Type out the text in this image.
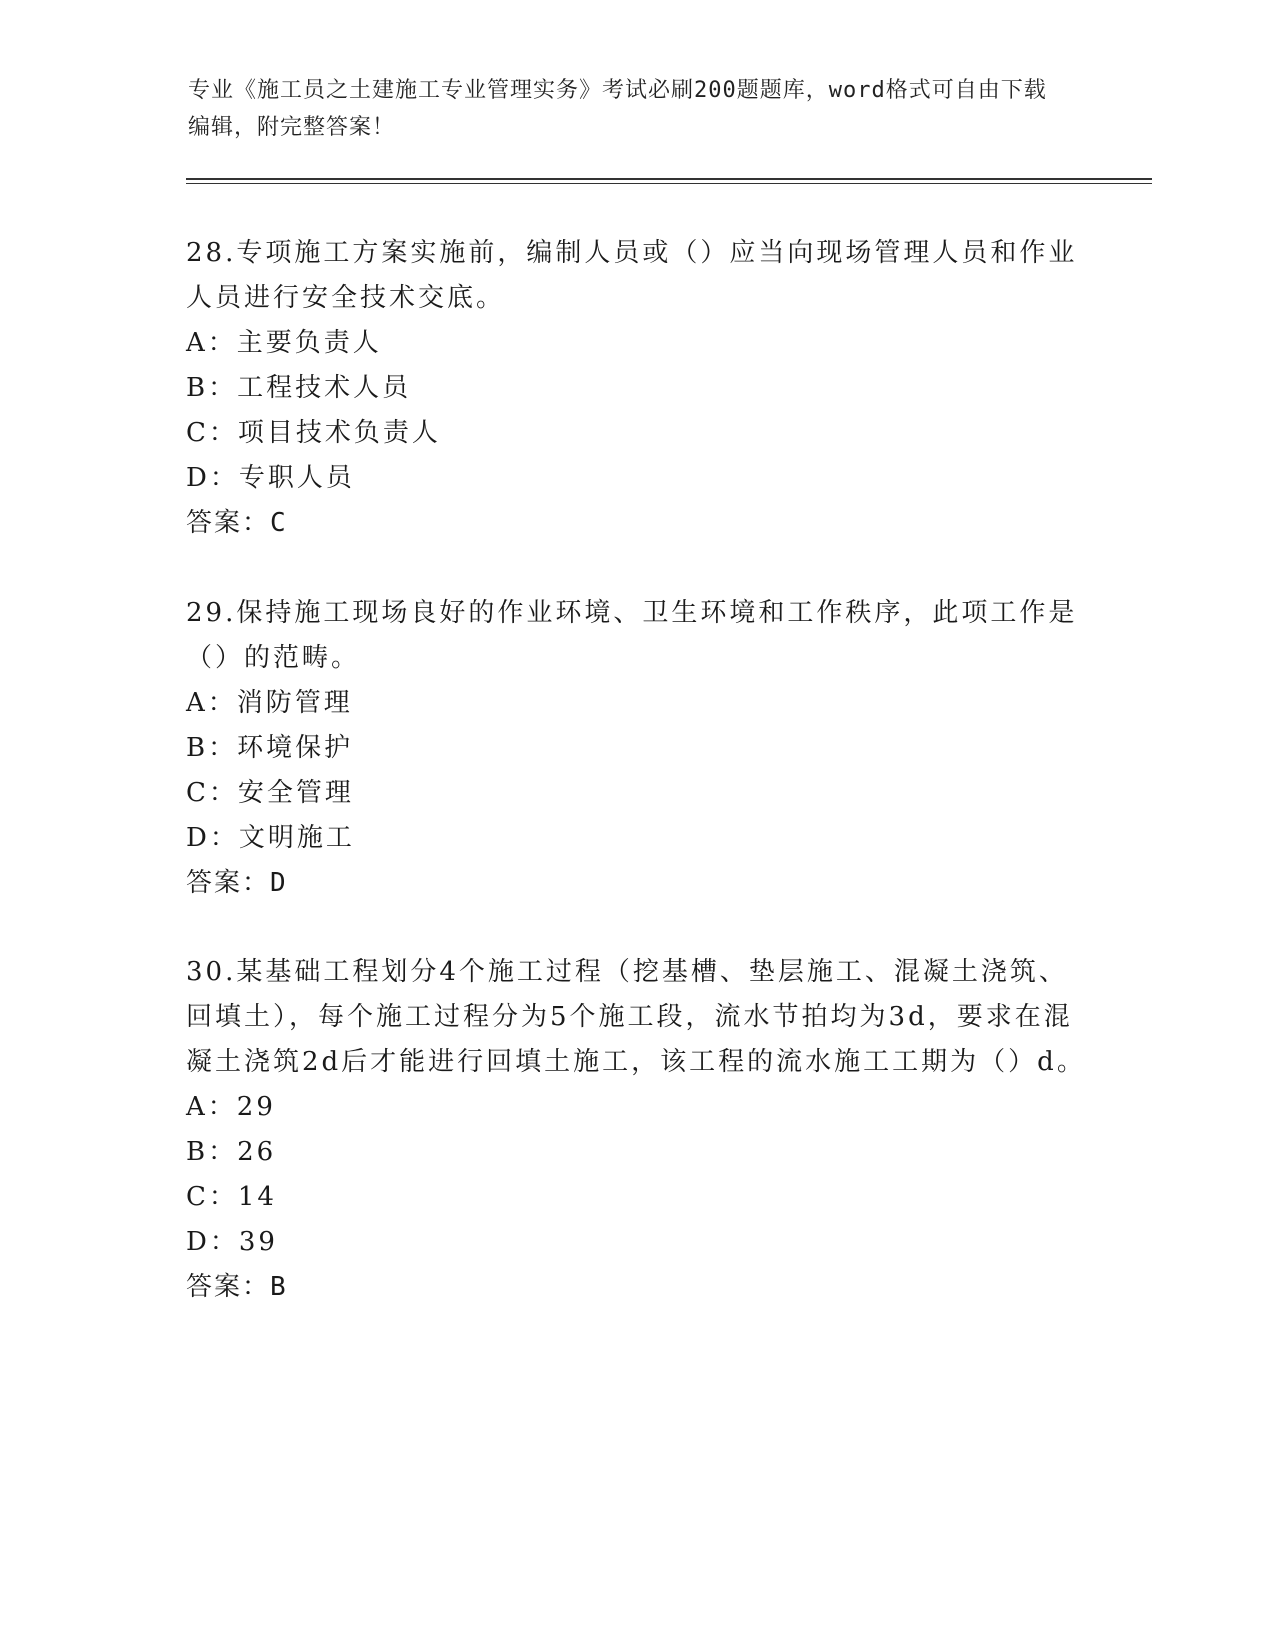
专业《施工员之土建施工专业管理实务》考试必刷200题题库，word格式可自由下载编辑，附完整答案！

28.专项施工方案实施前，编制人员或（）应当向现场管理人员和作业人员进行安全技术交底。

A：主要负责人
B：工程技术人员
C：项目技术负责人
D：专职人员
答案：C

29.保持施工现场良好的作业环境、卫生环境和工作秩序，此项工作是（）的范畴。

A：消防管理
B：环境保护
C：安全管理
D：文明施工
答案：D

30.某基础工程划分4个施工过程（挖基槽、垫层施工、混凝土浇筑、回填土），每个施工过程分为5个施工段，流水节拍均为3d，要求在混凝土浇筑2d后才能进行回填土施工，该工程的流水施工工期为（）d。

A：29
B：26
C：14
D：39
答案：B
